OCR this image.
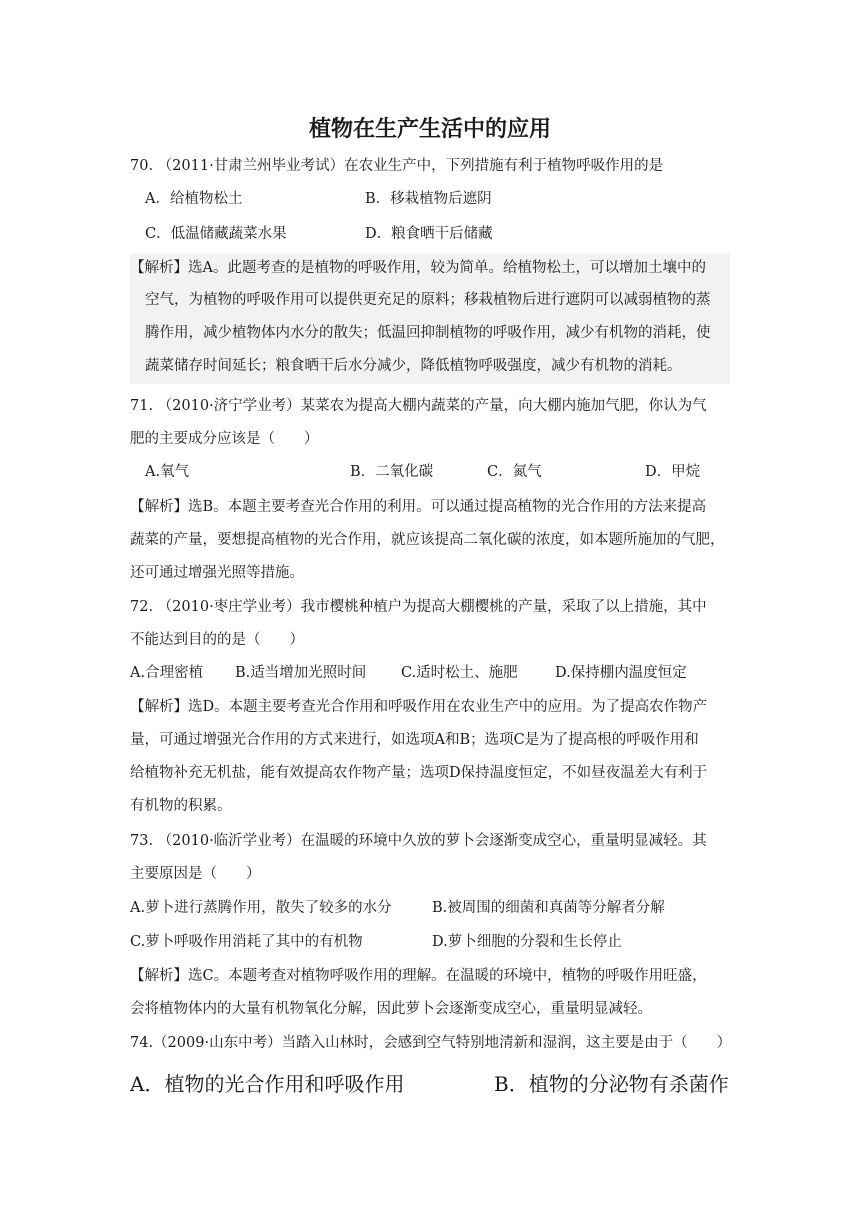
植物在生产生活中的应用
70. （2011·甘肃兰州毕业考试）在农业生产中，下列措施有利于植物呼吸作用的是
A．给植物松土	B．移栽植物后遮阴
C．低温储藏蔬菜水果	D．粮食晒干后储藏
【解析】选A。此题考查的是植物的呼吸作用，较为简单。给植物松土，可以增加土壤中的
空气，为植物的呼吸作用可以提供更充足的原料；移栽植物后进行遮阴可以减弱植物的蒸
腾作用，减少植物体内水分的散失；低温回抑制植物的呼吸作用，减少有机物的消耗，使
蔬菜储存时间延长；粮食晒干后水分减少，降低植物呼吸强度，减少有机物的消耗。
71. （2010·济宁学业考）某菜农为提高大棚内蔬菜的产量，向大棚内施加气肥，你认为气
肥的主要成分应该是（　　）
A.氧气	B．二氧化碳	C．氮气	D．甲烷
【解析】选B。本题主要考查光合作用的利用。可以通过提高植物的光合作用的方法来提高
蔬菜的产量，要想提高植物的光合作用，就应该提高二氧化碳的浓度，如本题所施加的气肥，
还可通过增强光照等措施。
72. （2010·枣庄学业考）我市樱桃种植户为提高大棚樱桃的产量，采取了以上措施，其中
不能达到目的的是（　　）
A.合理密植 B.适当增加光照时间 C.适时松土、施肥	D.保持棚内温度恒定
【解析】选D。本题主要考查光合作用和呼吸作用在农业生产中的应用。为了提高农作物产
量，可通过增强光合作用的方式来进行，如选项A和B；选项C是为了提高根的呼吸作用和
给植物补充无机盐，能有效提高农作物产量；选项D保持温度恒定，不如昼夜温差大有利于
有机物的积累。
73. （2010·临沂学业考）在温暖的环境中久放的萝卜会逐渐变成空心，重量明显减轻。其
主要原因是（　　）
A.萝卜进行蒸腾作用，散失了较多的水分	B.被周围的细菌和真菌等分解者分解
C.萝卜呼吸作用消耗了其中的有机物	D.萝卜细胞的分裂和生长停止
【解析】选C。本题考查对植物呼吸作用的理解。在温暖的环境中，植物的呼吸作用旺盛，
会将植物体内的大量有机物氧化分解，因此萝卜会逐渐变成空心，重量明显减轻。
74.（2009·山东中考）当踏入山林时，会感到空气特别地清新和湿润，这主要是由于（　　）
A．植物的光合作用和呼吸作用	B．植物的分泌物有杀菌作
